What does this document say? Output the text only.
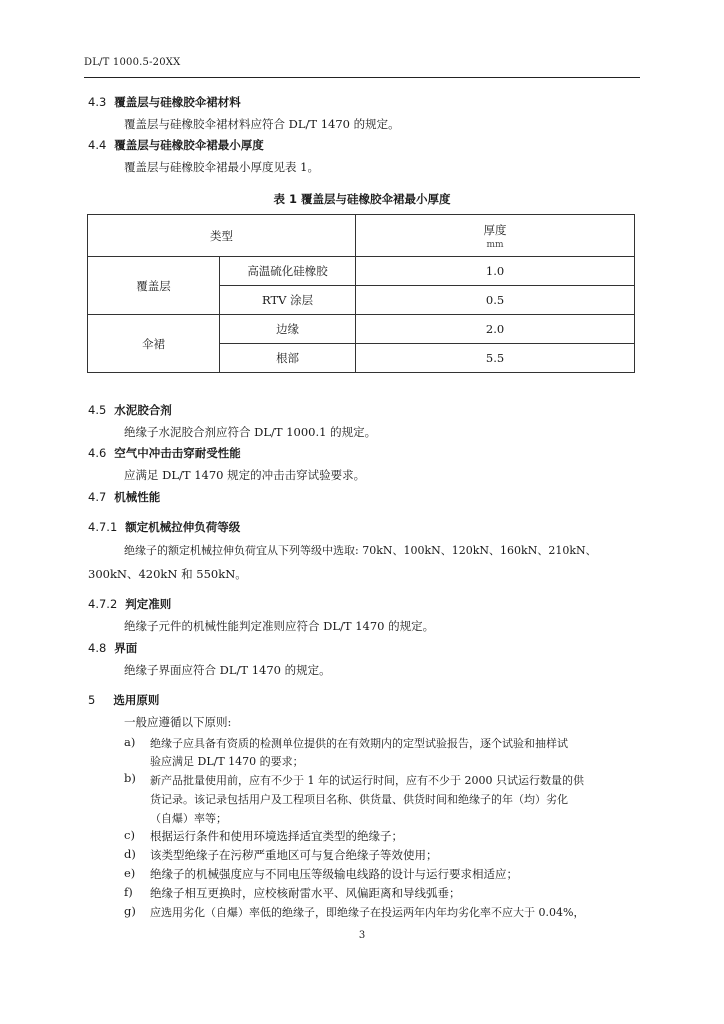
DL/T 1000.5-20XX
4.3 覆盖层与硅橡胶伞裙材料
覆盖层与硅橡胶伞裙材料应符合 DL/T 1470 的规定。
4.4 覆盖层与硅橡胶伞裙最小厚度
覆盖层与硅橡胶伞裙最小厚度见表 1。
表 1 覆盖层与硅橡胶伞裙最小厚度
类型		厚度
mm

覆盖层	高温硫化硅橡胶	1.0
	RTV 涂层	0.5
伞裙	边缘	2.0
	根部	5.5
4.5 水泥胶合剂
绝缘子水泥胶合剂应符合 DL/T 1000.1 的规定。
4.6 空气中冲击击穿耐受性能
应满足 DL/T 1470 规定的冲击击穿试验要求。
4.7 机械性能
4.7.1 额定机械拉伸负荷等级
绝缘子的额定机械拉伸负荷宜从下列等级中选取: 70kN、100kN、120kN、160kN、210kN、
300kN、420kN 和 550kN。
4.7.2 判定准则
绝缘子元件的机械性能判定准则应符合 DL/T 1470 的规定。
4.8 界面
绝缘子界面应符合 DL/T 1470 的规定。
5 选用原则
一般应遵循以下原则:
a) 绝缘子应具备有资质的检测单位提供的在有效期内的定型试验报告，逐个试验和抽样试
验应满足 DL/T 1470 的要求；
b) 新产品批量使用前，应有不少于 1 年的试运行时间，应有不少于 2000 只试运行数量的供
货记录。该记录包括用户及工程项目名称、供货量、供货时间和绝缘子的年（均）劣化
（自爆）率等；
c) 根据运行条件和使用环境选择适宜类型的绝缘子；
d) 该类型绝缘子在污秽严重地区可与复合绝缘子等效使用；
e) 绝缘子的机械强度应与不同电压等级输电线路的设计与运行要求相适应；
f) 绝缘子相互更换时，应校核耐雷水平、风偏距离和导线弧垂；
g) 应选用劣化（自爆）率低的绝缘子，即绝缘子在投运两年内年均劣化率不应大于 0.04%，
3
